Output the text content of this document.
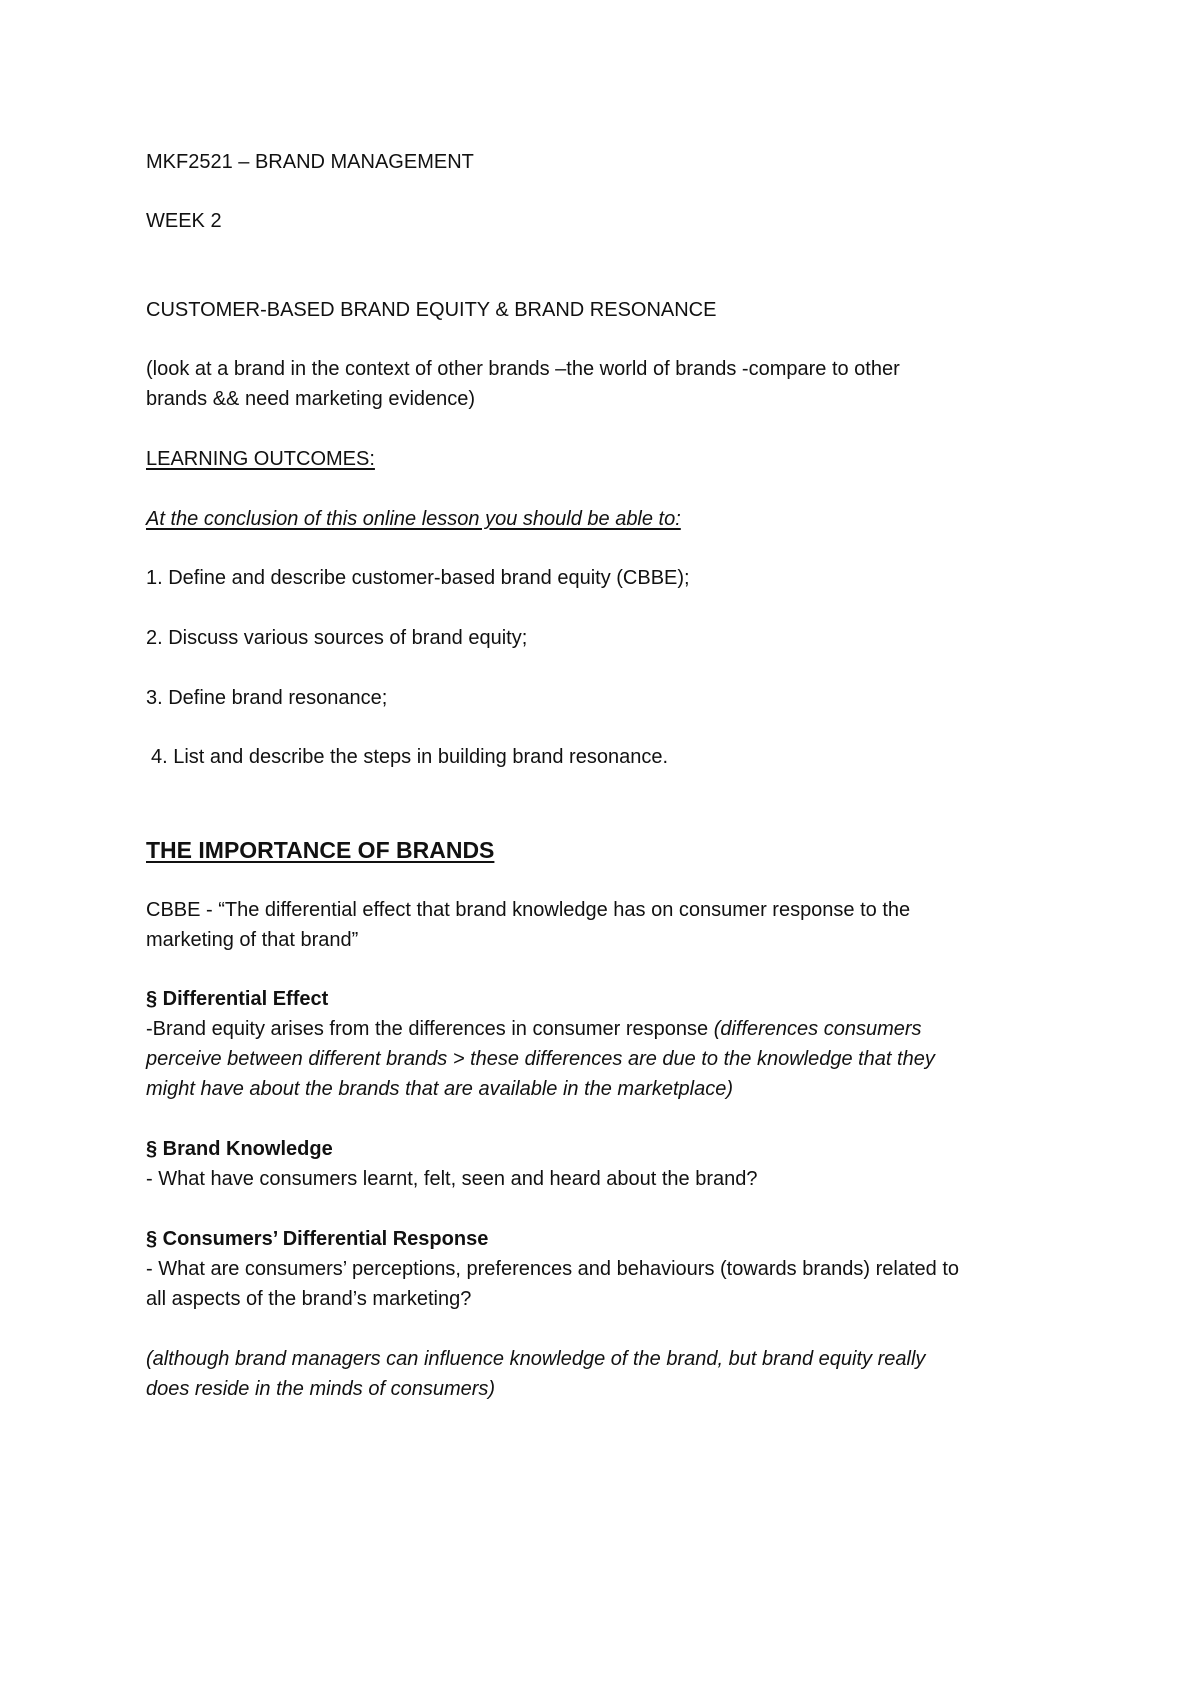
MKF2521 – BRAND MANAGEMENT
WEEK 2
CUSTOMER-BASED BRAND EQUITY & BRAND RESONANCE
(look at a brand in the context of other brands –the world of brands -compare to other
brands && need marketing evidence)
LEARNING OUTCOMES:
At the conclusion of this online lesson you should be able to:
1. Define and describe customer-based brand equity (CBBE);
2. Discuss various sources of brand equity;
3. Define brand resonance;
4. List and describe the steps in building brand resonance.
THE IMPORTANCE OF BRANDS
CBBE - “The differential effect that brand knowledge has on consumer response to the
marketing of that brand”
§ Differential Effect
-Brand equity arises from the differences in consumer response (differences consumers
perceive between different brands > these differences are due to the knowledge that they
might have about the brands that are available in the marketplace)
§ Brand Knowledge
- What have consumers learnt, felt, seen and heard about the brand?
§ Consumers’ Differential Response
- What are consumers’ perceptions, preferences and behaviours (towards brands) related to
all aspects of the brand’s marketing?
(although brand managers can influence knowledge of the brand, but brand equity really
does reside in the minds of consumers)
